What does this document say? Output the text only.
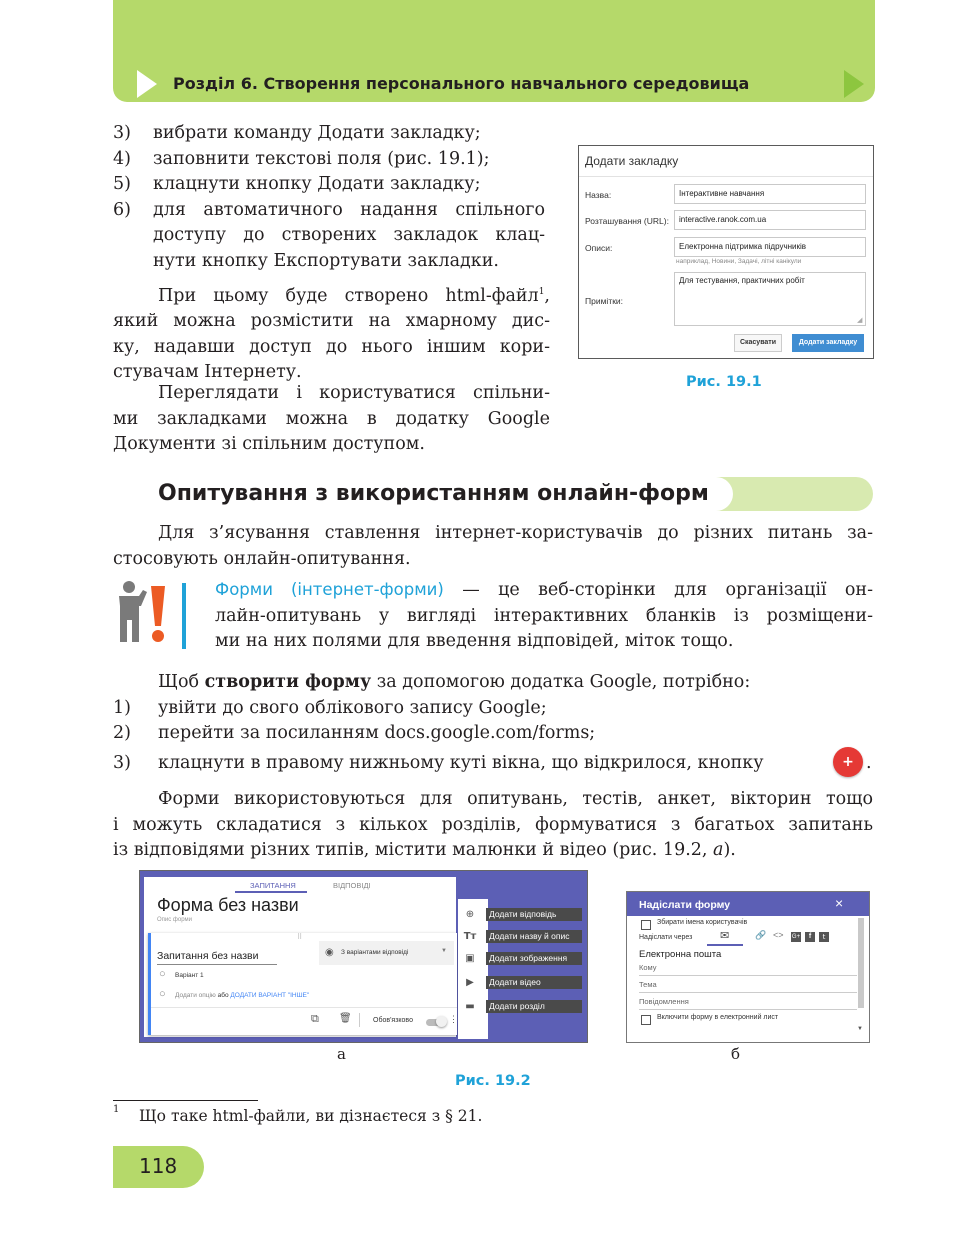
Розділ 6. Створення персонального навчального середовища
3)	вибрати команду Додати закладку;
4)	заповнити текстові поля (рис. 19.1);
5)	клацнути кнопку Додати закладку;
6)	для автоматичного надання спільного
доступу до створених закладок клац-
нути кнопку Експортувати закладки.
При цьому буде створено html-файл$^1$,
який можна розмістити на хмарному дис-
ку, надавши доступ до нього іншим кори-
стувачам Інтернету.
Переглядати і користуватися спільни-
ми закладками можна в додатку Google
Документи зі спільним доступом.
Додати закладку
Назва:	Інтерактивне навчання
Розташування (URL):	interactive.ranok.com.ua
Описи:	Електронна підтримка підручників
наприклад, Новини, Задачі, літні канікули
Примітки:
Для тестування, практичних робіт
◢
Скасувати	Додати закладку
Рис. 19.1
Опитування з використанням онлайн-форм
Для з’ясування ставлення інтернет-користувачів до різних питань за-
стосовують онлайн-опитування.
Форми (інтернет-форми) — це веб-сторінки для організації он-
лайн-опитувань у вигляді інтерактивних бланків із розміщени-
ми на них полями для введення відповідей, міток тощо.
Щоб створити форму за допомогою додатка Google, потрібно:
1)	увійти до свого облікового запису Google;
2)	перейти за посиланням docs.google.com/forms;
3)	клацнути в правому нижньому куті вікна, що відкрилося, кнопку	+ .
Форми використовуються для опитувань, тестів, анкет, вікторин тощо
і можуть складатися з кількох розділів, формуватися з багатьох запитань
із відповідями різних типів, містити малюнки й відео (рис. 19.2, а).
ЗАПИТАННЯ	ВІДПОВІДІ
Форма без назви
Опис форми
⠿
Запитання без назви	◉ З варіантами відповіді	▼
○ Варіант 1
○ Додати опцію або ДОДАТИ ВАРІАНТ "ІНШЕ"
⧉ 🗑	Обов'язково	⋮
⊕	Додати відповідь
Tт	Додати назву й опис
▣	Додати зображення
▶	Додати відео
▬	Додати розділ
а
Надіслати форму	×
Збирати імена користувачів
Надіслати через	✉	🔗 <> G+	f	t
Електронна пошта
Кому
Тема
Повідомлення
Включити форму в електронний лист
▼
б
Рис. 19.2
1 Що таке html-файли, ви дізнаєтеся з § 21.
118
